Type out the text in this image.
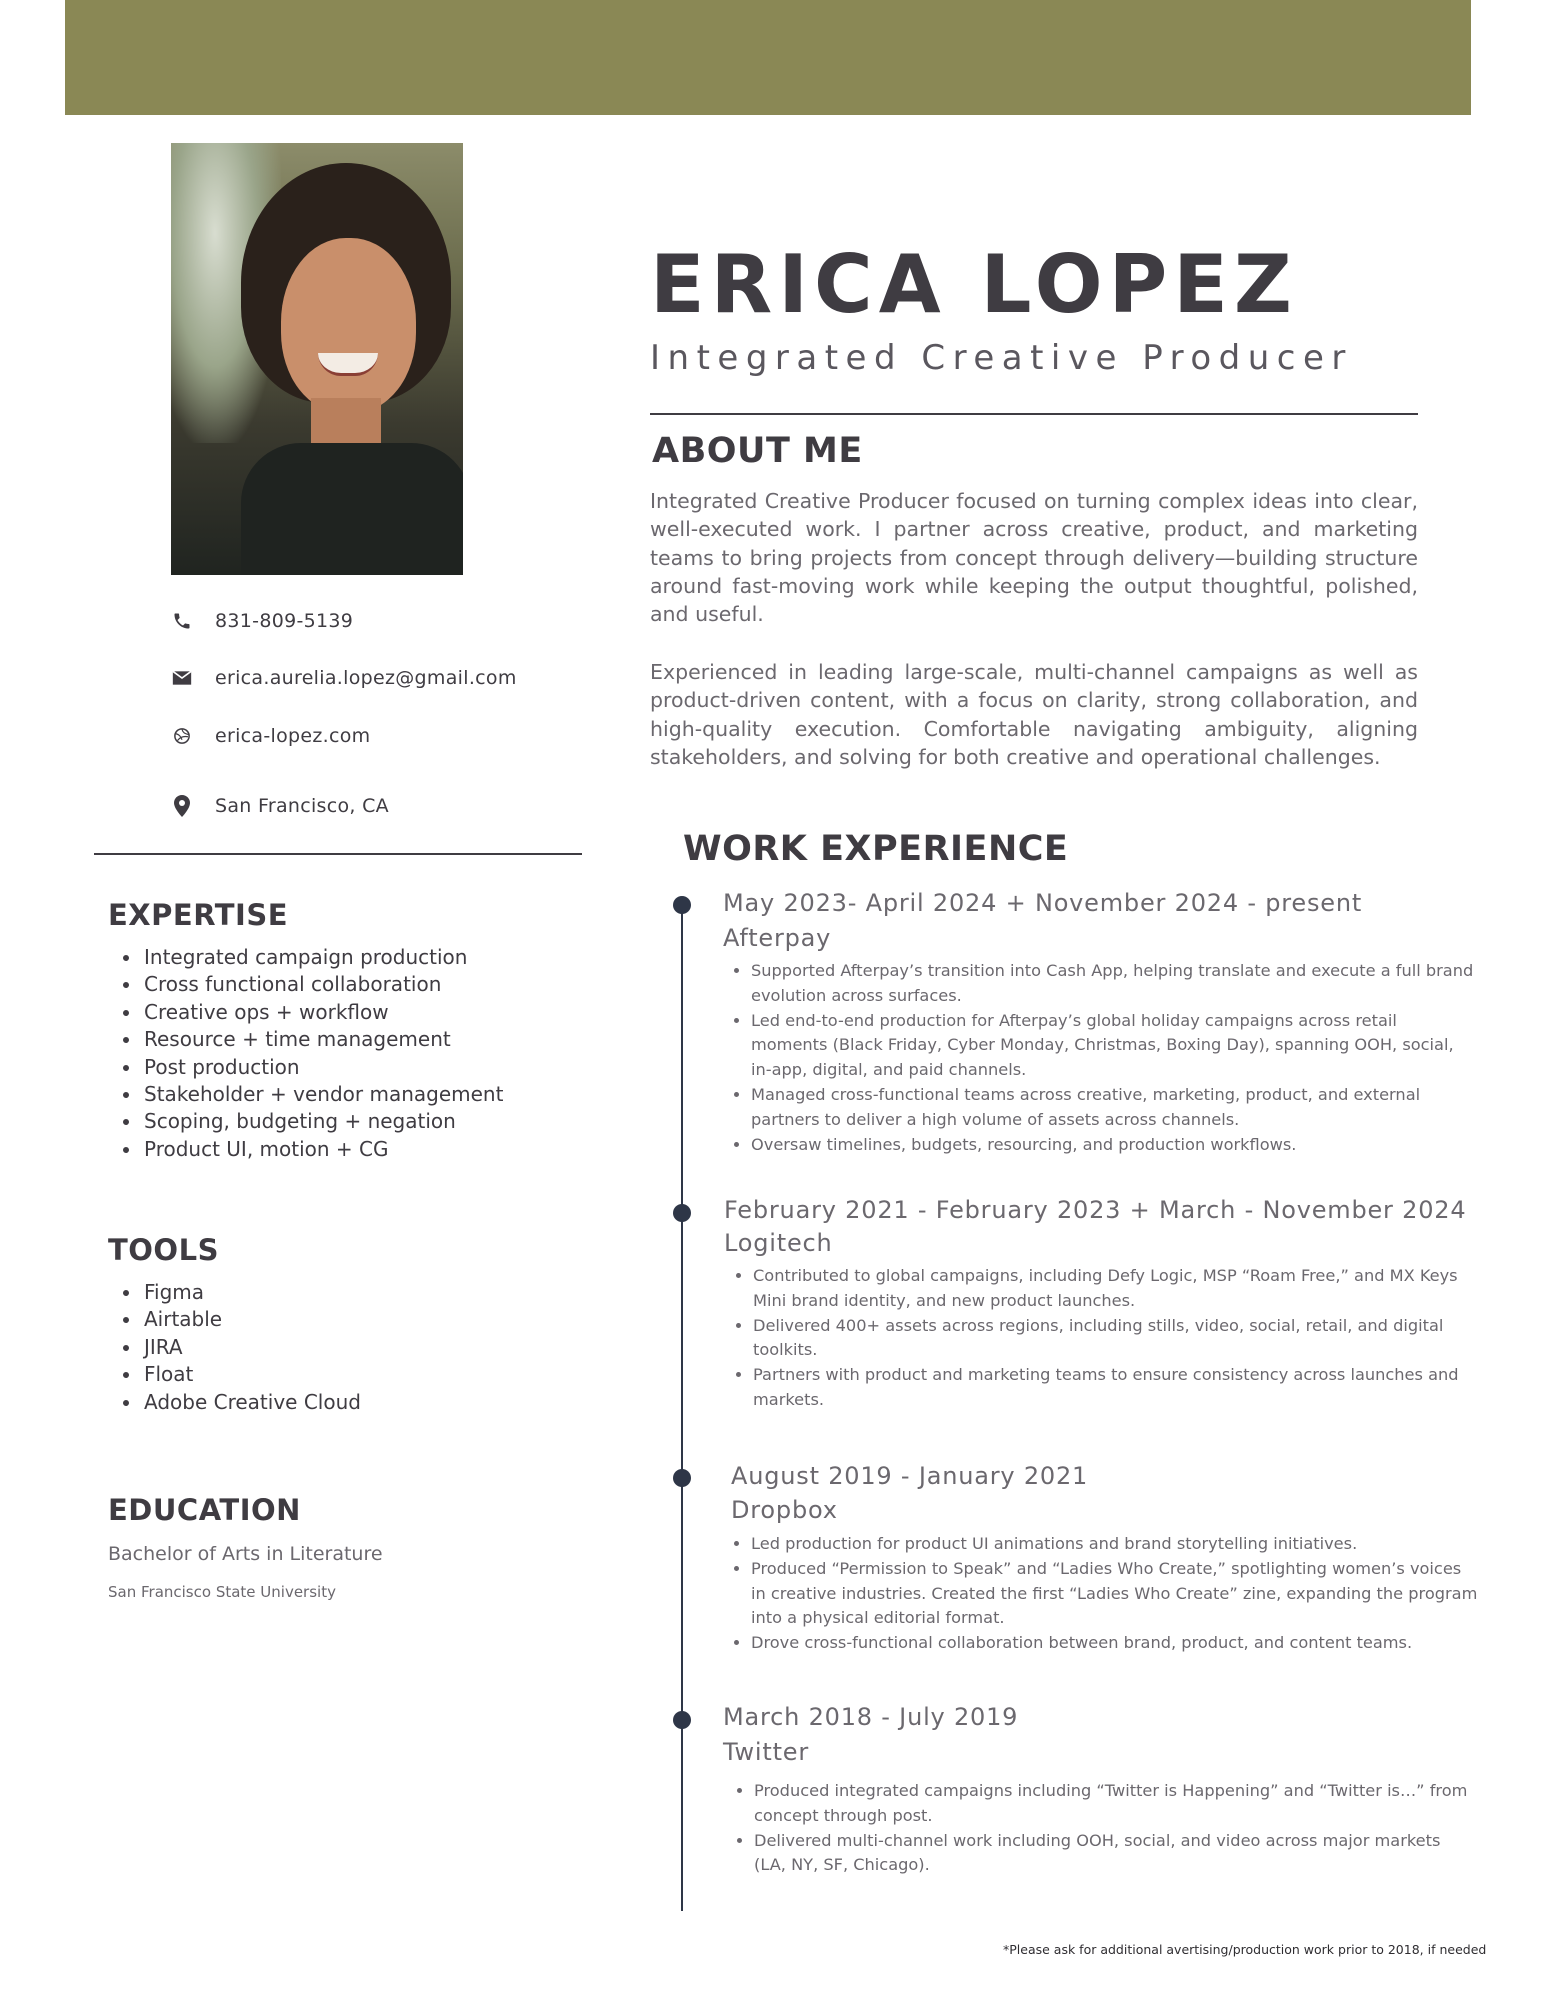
831-809-5139
erica.aurelia.lopez@gmail.com
erica-lopez.com
San Francisco, CA
EXPERTISE
• Integrated campaign production
• Cross functional collaboration
• Creative ops + workflow
• Resource + time management
• Post production
• Stakeholder + vendor management
• Scoping, budgeting + negation
• Product UI, motion + CG
TOOLS
• Figma
• Airtable
• JIRA
• Float
• Adobe Creative Cloud
EDUCATION
Bachelor of Arts in Literature
San Francisco State University
ERICA LOPEZ
Integrated Creative Producer
ABOUT ME
Integrated Creative Producer focused on turning complex ideas into clear, well-executed work. I partner across creative, product, and marketing teams to bring projects from concept through delivery—building structure around fast-moving work while keeping the output thoughtful, polished, and useful.
Experienced in leading large-scale, multi-channel campaigns as well as product-driven content, with a focus on clarity, strong collaboration, and high-quality execution. Comfortable navigating ambiguity, aligning stakeholders, and solving for both creative and operational challenges.
WORK EXPERIENCE
May 2023- April 2024 + November 2024 - present
Afterpay
• Supported Afterpay’s transition into Cash App, helping translate and execute a full brand evolution across surfaces.
• Led end-to-end production for Afterpay’s global holiday campaigns across retail moments (Black Friday, Cyber Monday, Christmas, Boxing Day), spanning OOH, social, in-app, digital, and paid channels.
• Managed cross-functional teams across creative, marketing, product, and external partners to deliver a high volume of assets across channels.
• Oversaw timelines, budgets, resourcing, and production workflows.
February 2021 - February 2023 + March - November 2024
Logitech
• Contributed to global campaigns, including Defy Logic, MSP “Roam Free,” and MX Keys Mini brand identity, and new product launches.
• Delivered 400+ assets across regions, including stills, video, social, retail, and digital toolkits.
• Partners with product and marketing teams to ensure consistency across launches and markets.
August 2019 - January 2021
Dropbox
• Led production for product UI animations and brand storytelling initiatives.
• Produced “Permission to Speak” and “Ladies Who Create,” spotlighting women’s voices in creative industries. Created the first “Ladies Who Create” zine, expanding the program into a physical editorial format.
• Drove cross-functional collaboration between brand, product, and content teams.
March 2018 - July 2019
Twitter
• Produced integrated campaigns including “Twitter is Happening” and “Twitter is…” from concept through post.
• Delivered multi-channel work including OOH, social, and video across major markets (LA, NY, SF, Chicago).
*Please ask for additional avertising/production work prior to 2018, if needed
